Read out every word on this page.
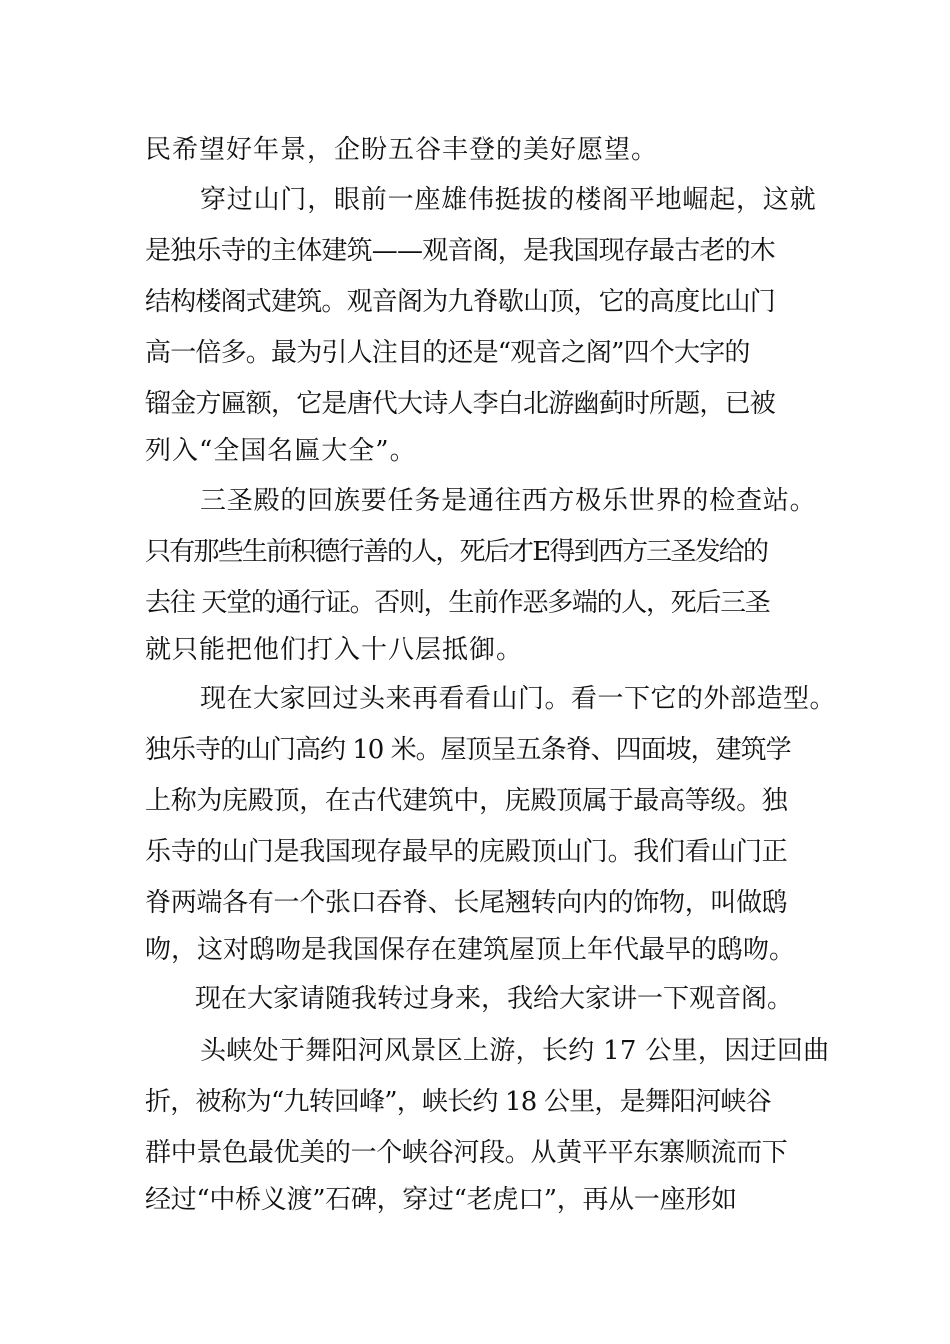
民希望好年景，企盼五谷丰登的美好愿望。
穿过山门，眼前一座雄伟挺拔的楼阁平地崛起，这就
是独乐寺的主体建筑——观音阁，是我国现存最古老的木
结构楼阁式建筑。观音阁为九脊歇山顶，它的高度比山门
高一倍多。最为引人注目的还是“观音之阁”四个大字的
镏金方匾额，它是唐代大诗人李白北游幽蓟时所题，已被
列入“全国名匾大全”。
三圣殿的回族要任务是通往西方极乐世界的检查站。
只有那些生前积德行善的人，死后才E得到西方三圣发给的
去往 天堂的通行证。否则，生前作恶多端的人，死后三圣
就只能把他们打入十八层抵御。
现在大家回过头来再看看山门。看一下它的外部造型。
独乐寺的山门高约 10 米。屋顶呈五条脊、四面坡，建筑学
上称为庑殿顶，在古代建筑中，庑殿顶属于最高等级。独
乐寺的山门是我国现存最早的庑殿顶山门。我们看山门正
脊两端各有一个张口吞脊、长尾翘转向内的饰物，叫做鸱
吻，这对鸱吻是我国保存在建筑屋顶上年代最早的鸱吻。
现在大家请随我转过身来，我给大家讲一下观音阁。
头峡处于舞阳河风景区上游，长约 17 公里，因迂回曲
折，被称为“九转回峰”，峡长约 18 公里，是舞阳河峡谷
群中景色最优美的一个峡谷河段。从黄平平东寨顺流而下
经过“中桥义渡”石碑，穿过“老虎口”，再从一座形如
